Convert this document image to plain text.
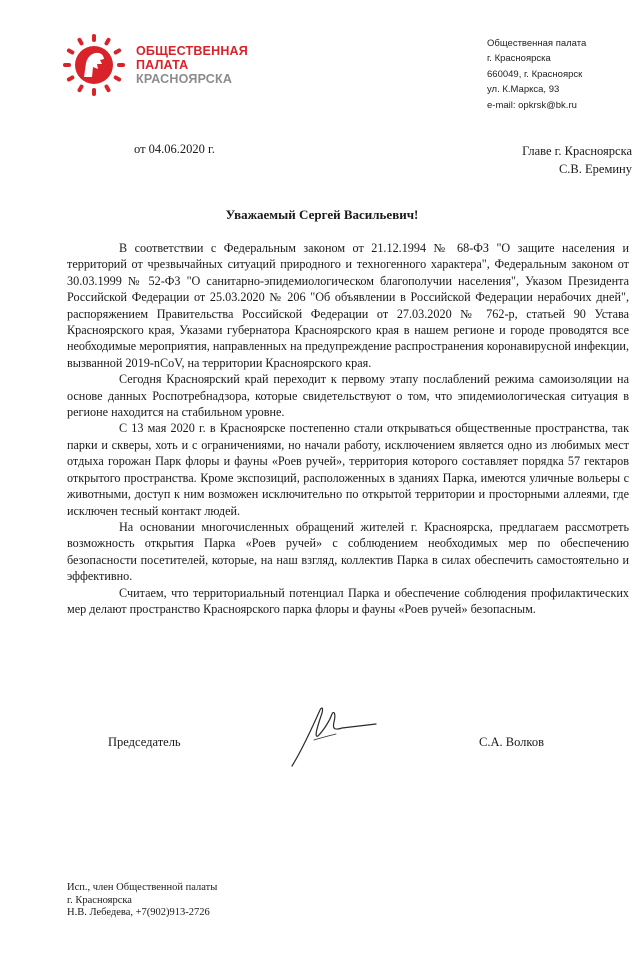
ОБЩЕСТВЕННАЯ
ПАЛАТА
КРАСНОЯРСКА
Общественная палата
г. Красноярска
660049, г. Красноярск
ул. К.Маркса, 93
e-mail: opkrsk@bk.ru
от 04.06.2020 г.	Главе г. Красноярска
С.В. Еремину
Уважаемый Сергей Васильевич!

В соответствии с Федеральным законом от 21.12.1994 № 68-ФЗ "О защите населения и территорий от чрезвычайных ситуаций природного и техногенного характера", Федеральным законом от 30.03.1999 № 52-ФЗ "О санитарно-эпидемиологическом благополучии населения", Указом Президента Российской Федерации от 25.03.2020 № 206 "Об объявлении в Российской Федерации нерабочих дней", распоряжением Правительства Российской Федерации от 27.03.2020 № 762-р, статьей 90 Устава Красноярского края, Указами губернатора Красноярского края в нашем регионе и городе проводятся все необходимые мероприятия, направленных на предупреждение распространения коронавирусной инфекции, вызванной 2019-nCoV, на территории Красноярского края.

Сегодня Красноярский край переходит к первому этапу послаблений режима самоизоляции на основе данных Роспотребнадзора, которые свидетельствуют о том, что эпидемиологическая ситуация в регионе находится на стабильном уровне.

С 13 мая 2020 г. в Красноярске постепенно стали открываться общественные пространства, так парки и скверы, хоть и с ограничениями, но начали работу, исключением является одно из любимых мест отдыха горожан Парк флоры и фауны «Роев ручей», территория которого составляет порядка 57 гектаров открытого пространства. Кроме экспозиций, расположенных в зданиях Парка, имеются уличные вольеры с животными, доступ к ним возможен исключительно по открытой территории и просторными аллеями, где исключен тесный контакт людей.

На основании многочисленных обращений жителей г. Красноярска, предлагаем рассмотреть возможность открытия Парка «Роев ручей» с соблюдением необходимых мер по обеспечению безопасности посетителей, которые, на наш взгляд, коллектив Парка в силах обеспечить самостоятельно и эффективно.

Считаем, что территориальный потенциал Парка и обеспечение соблюдения профилактических мер делают пространство Красноярского парка флоры и фауны «Роев ручей» безопасным.

Председатель	С.А. Волков
Исп., член Общественной палаты
г. Красноярска
Н.В. Лебедева, +7(902)913-2726
